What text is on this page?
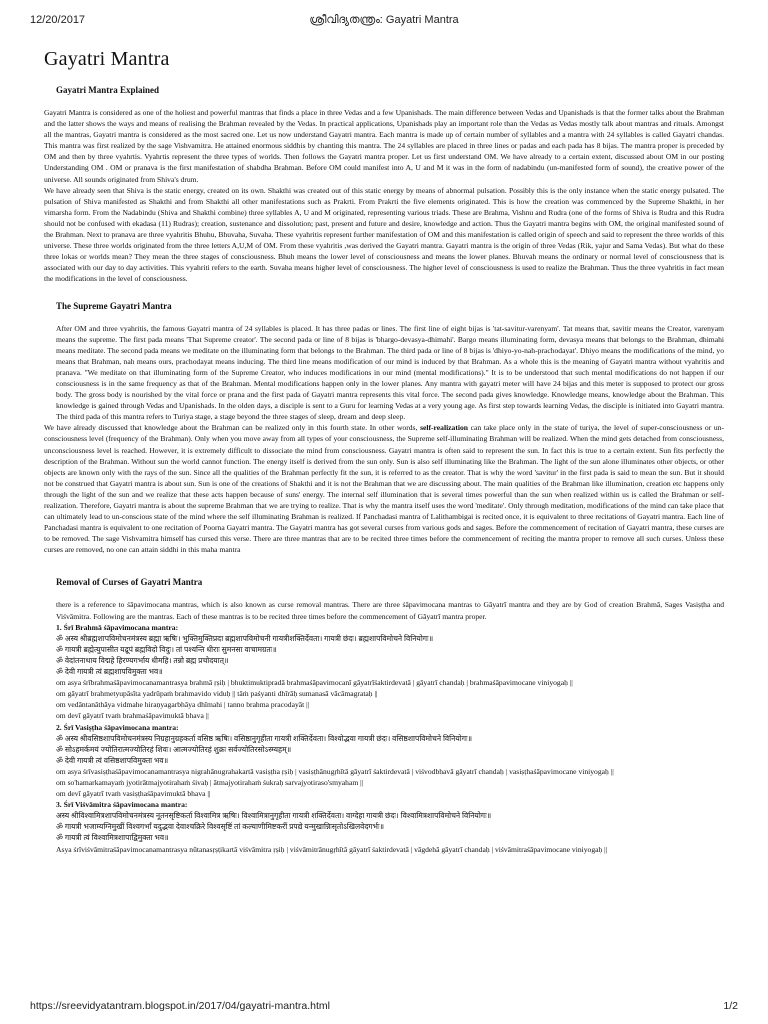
12/20/2017	ശ്രീവിദ്യതന്ത്രം: Gayatri Mantra
Gayatri Mantra
Gayatri Mantra Explained

Gayatri Mantra is considered as one of the holiest and powerful mantras that finds a place in three Vedas and a few Upanishads. The main difference between Vedas and Upanishads is that the former talks about the Brahman and the latter shows the ways and means of realising the Brahman revealed by the Vedas. In practical applications, Upanishads play an important role than the Vedas as Vedas mostly talk about mantras and rituals. Amongst all the mantras, Gayatri mantra is considered as the most sacred one. Let us now understand Gayatri mantra. Each mantra is made up of certain number of syllables and a mantra with 24 syllables is called Gayatri chandas. This mantra was first realized by the sage Vishvamitra. He attained enormous siddhis by chanting this mantra. The 24 syllables are placed in three lines or padas and each pada has 8 bijas. The mantra proper is preceded by OM and then by three vyahrtis. Vyahrtis represent the three types of worlds. Then follows the Gayatri mantra proper. Let us first understand OM. We have already to a certain extent, discussed about OM in our posting Understanding OM . OM or pranava is the first manifestation of shabdha Brahman. Before OM could manifest into A, U and M it was in the form of nadabindu (un-manifested form of sound), the creative power of the universe. All sounds originated from Shiva's drum.

We have already seen that Shiva is the static energy, created on its own. Shakthi was created out of this static energy by means of abnormal pulsation. Possibly this is the only instance when the static energy pulsated. The pulsation of Shiva manifested as Shakthi and from Shakthi all other manifestations such as Prakrti. From Prakrti the five elements originated. This is how the creation was commenced by the Supreme Shakthi, in her vimarsha form. From the Nadabindu (Shiva and Shakthi combine) three syllables A, U and M originated, representing various triads. These are Brahma, Vishnu and Rudra (one of the forms of Shiva is Rudra and this Rudra should not be confused with ekadasa (11) Rudras); creation, sustenance and dissolution; past, present and future and desire, knowledge and action. Thus the Gayatri mantra begins with OM, the original manifested sound of the Brahman. Next to pranava are three vyahritis Bhuhu, Bhuvaha, Suvaha. These vyahritis represent further manifestation of OM and this manifestation is called origin of speech and said to represent the three worlds of this universe. These three worlds originated from the three letters A,U,M of OM. From these vyahritis ,was derived the Gayatri mantra. Gayatri mantra is the origin of three Vedas (Rik, yajur and Sama Vedas). But what do these three lokas or worlds mean? They mean the three stages of consciousness. Bhuh means the lower level of consciousness and means the lower planes. Bhuvah means the ordinary or normal level of consciousness that is associated with our day to day activities. This vyahriti refers to the earth. Suvaha means higher level of consciousness. The higher level of consciousness is used to realize the Brahman. Thus the three vyahritis in fact mean the modifications in the level of consciousness.

The Supreme Gayatri Mantra

After OM and three vyahritis, the famous Gayatri mantra of 24 syllables is placed. It has three padas or lines. The first line of eight bijas is 'tat-savitur-varenyam'. Tat means that, savitir means the Creator, varenyam means the supreme. The first pada means 'That Supreme creator'. The second pada or line of 8 bijas is 'bhargo-devasya-dhimahi'. Bargo means illuminating form, devasya means that belongs to the Brahman, dhimahi means meditate. The second pada means we meditate on the illuminating form that belongs to the Brahman. The third pada or line of 8 bijas is 'dhiyo-yo-nah-prachodayat'. Dhiyo means the modifications of the mind, yo means that Brahman, nah means ours, prachodayat means inducing. The third line means modification of our mind is induced by that Brahman. As a whole this is the meaning of Gayatri mantra without vyahritis and pranava. "We meditate on that illuminating form of the Supreme Creator, who induces modifications in our mind (mental modifications)." It is to be understood that such mental modifications do not happen if our consciousness is in the same frequency as that of the Brahman. Mental modifications happen only in the lower planes. Any mantra with gayatri meter will have 24 bijas and this meter is supposed to protect our gross body. The gross body is nourished by the vital force or prana and the first pada of Gayatri mantra represents this vital force. The second pada gives knowledge. Knowledge means, knowledge about the Brahman. This knowledge is gained through Vedas and Upanishads. In the olden days, a disciple is sent to a Guru for learning Vedas at a very young age. As first step towards learning Vedas, the disciple is initiated into Gayatri mantra. The third pada of this mantra refers to Turiya stage, a stage beyond the three stages of sleep, dream and deep sleep.

We have already discussed that knowledge about the Brahman can be realized only in this fourth state. In other words, self-realization can take place only in the state of turiya, the level of super-consciousness or un-consciousness level (frequency of the Brahman). Only when you move away from all types of your consciousness, the Supreme self-illuminating Brahman will be realized. When the mind gets detached from consciousness, unconsciousness level is reached. However, it is extremely difficult to dissociate the mind from consciousness. Gayatri mantra is often said to represent the sun. In fact this is true to a certain extent. Sun fits perfectly the description of the Brahman. Without sun the world cannot function. The energy itself is derived from the sun only. Sun is also self illuminating like the Brahman. The light of the sun alone illuminates other objects, or other objects are known only with the rays of the sun. Since all the qualities of the Brahman perfectly fit the sun, it is referred to as the creator. That is why the word 'savitur' in the first pada is said to mean the sun. But it should not be construed that Gayatri mantra is about sun. Sun is one of the creations of Shakthi and it is not the Brahman that we are discussing about. The main qualities of the Brahman like illumination, creation etc happens only through the light of the sun and we realize that these acts happen because of suns' energy. The internal self illumination that is several times powerful than the sun when realized within us is called the Brahman or self-realization. Therefore, Gayatri mantra is about the supreme Brahman that we are trying to realize. That is why the mantra itself uses the word 'meditate'. Only through meditation, modifications of the mind can take place that can ultimately lead to un-conscious state of the mind where the self illuminating Brahman is realized. If Panchadasi mantra of Lalithambigai is recited once, it is equivalent to three recitations of Gayatri mantra. Each line of Panchadasi mantra is equivalent to one recitation of Poorna Gayatri mantra. The Gayatri mantra has got several curses from various gods and sages. Before the commencement of recitation of Gayatri mantra, these curses are to be removed. The sage Vishvamitra himself has cursed this verse. There are three mantras that are to be recited three times before the commencement of reciting the mantra proper to remove all such curses. Unless these curses are removed, no one can attain siddhi in this maha mantra

Removal of Curses of Gayatri Mantra

there is a reference to śāpavimocana mantras, which is also known as curse removal mantras. There are three śāpavimocana mantras to Gāyatrī mantra and they are by God of creation Brahmā, Sages Vasiṣṭha and Viśvāmitra. Following are the mantras. Each of these mantras is to be recited three times before the commencement of Gāyatrī mantra proper.

1. Śrī Brahmā śāpavimocana mantra:
ॐ अस्य श्रीब्रह्मशापविमोचनमंत्रस्य ब्रह्मा ऋषिः। भुक्तिमुक्तिप्रदा ब्रह्मशापविमोचनी गायत्रीशक्तिर्देवता। गायत्री छंदः। ब्रह्मशापविमोचने विनियोगः॥
ॐ गायत्री ब्रह्मेत्युपासीत यद्रूपं ब्रह्मविदो विदुः। तां पश्यन्ति धीराः सुमनसा वाचामग्रतः॥
ॐ वेदांतनाथाय विद्महे हिरण्यगर्भाय धीमहि। तन्नो ब्रह्म प्रचोदयात्॥
ॐ देवी गायत्री त्वं ब्रह्मशापविमुक्ता भव॥
om asya śrībrahmaśāpavimocanamantrasya brahmā ṛṣiḥ | bhuktimuktipradā brahmaśāpavimocanī gāyatrīśaktirdevatā | gāyatrī chandaḥ | brahmaśāpavimocane viniyogaḥ ||
om gāyatrī brahmetyupāsīta yadrūpaṁ brahmavido viduḥ || tāṁ paśyanti dhīrāḥ sumanasā vācāmagrataḥ ||
om vedāntanāthāya vidmahe hiraṇyagarbhāya dhīmahi | tanno brahma pracodayāt ||
om devī gāyatrī tvaṁ brahmaśāpavimuktā bhava ||
2. Śrī Vasiṣṭha śāpavimocana mantra:
ॐ अस्य श्रीवसिष्ठशापविमोचनमंत्रस्य निग्रहानुग्रहकर्ता वसिष्ठ ऋषिः। वसिष्ठानुगृहीता गायत्री शक्तिर्देवता। विश्वोद्भवा गायत्री छंदः। वसिष्ठशापविमोचने विनियोगः॥
ॐ सोऽहमर्कमयं ज्योतिरात्मज्योतिरहं शिवः। आत्मज्योतिरहं शुक्रः सर्वज्योतिरसोऽस्म्यहम्॥
ॐ देवी गायत्री त्वं वसिष्ठशापविमुक्ता भव॥
om asya śrīvasiṣṭhaśāpavimocanamantrasya nigrahānugrahakartā vasiṣṭha ṛṣiḥ | vasiṣṭhānugṛhītā gāyatrī śaktirdevatā | viśvodbhavā gāyatrī chandaḥ | vasiṣṭhaśāpavimocane viniyogaḥ ||
om so'hamarkamayaṁ jyotirātmajyotirahaṁ śivaḥ | ātmajyotirahaṁ śukraḥ sarvajyotiraso'smyaham ||
om devī gāyatrī tvaṁ vasiṣṭhaśāpavimuktā bhava ||
3. Śrī Viśvāmitra śāpavimocana mantra:
अस्य श्रीविश्वामित्रशापविमोचनमंत्रस्य नूतनसृष्टिकर्ता विश्वामित्र ऋषिः। विश्वामित्रानुगृहीता गायत्री शक्तिर्देवता। वाग्देहा गायत्री छंदः। विश्वामित्रशापविमोचने विनियोगः॥
ॐ गायत्री भजाम्यग्निमुखीं विश्वगर्भां यदुद्भवा देवाश्चक्रिरे विश्वसृष्टिं तां कल्याणीमिष्टकरीं प्रपद्ये यन्मुखान्निःसृतोऽखिलवेदगर्भः॥
ॐ गायत्री त्वं विश्वामित्रशापाद्विमुक्ता भव॥
Asya śrīviśvāmitraśāpavimocanamantrasya nūtanasṛṣṭikartā viśvāmitra ṛṣiḥ | viśvāmitrānugṛhītā gāyatrī śaktirdevatā | vāgdehā gāyatrī chandaḥ | viśvāmitraśāpavimocane viniyogaḥ ||
https://sreevidyatantram.blogspot.in/2017/04/gayatri-mantra.html	1/2
